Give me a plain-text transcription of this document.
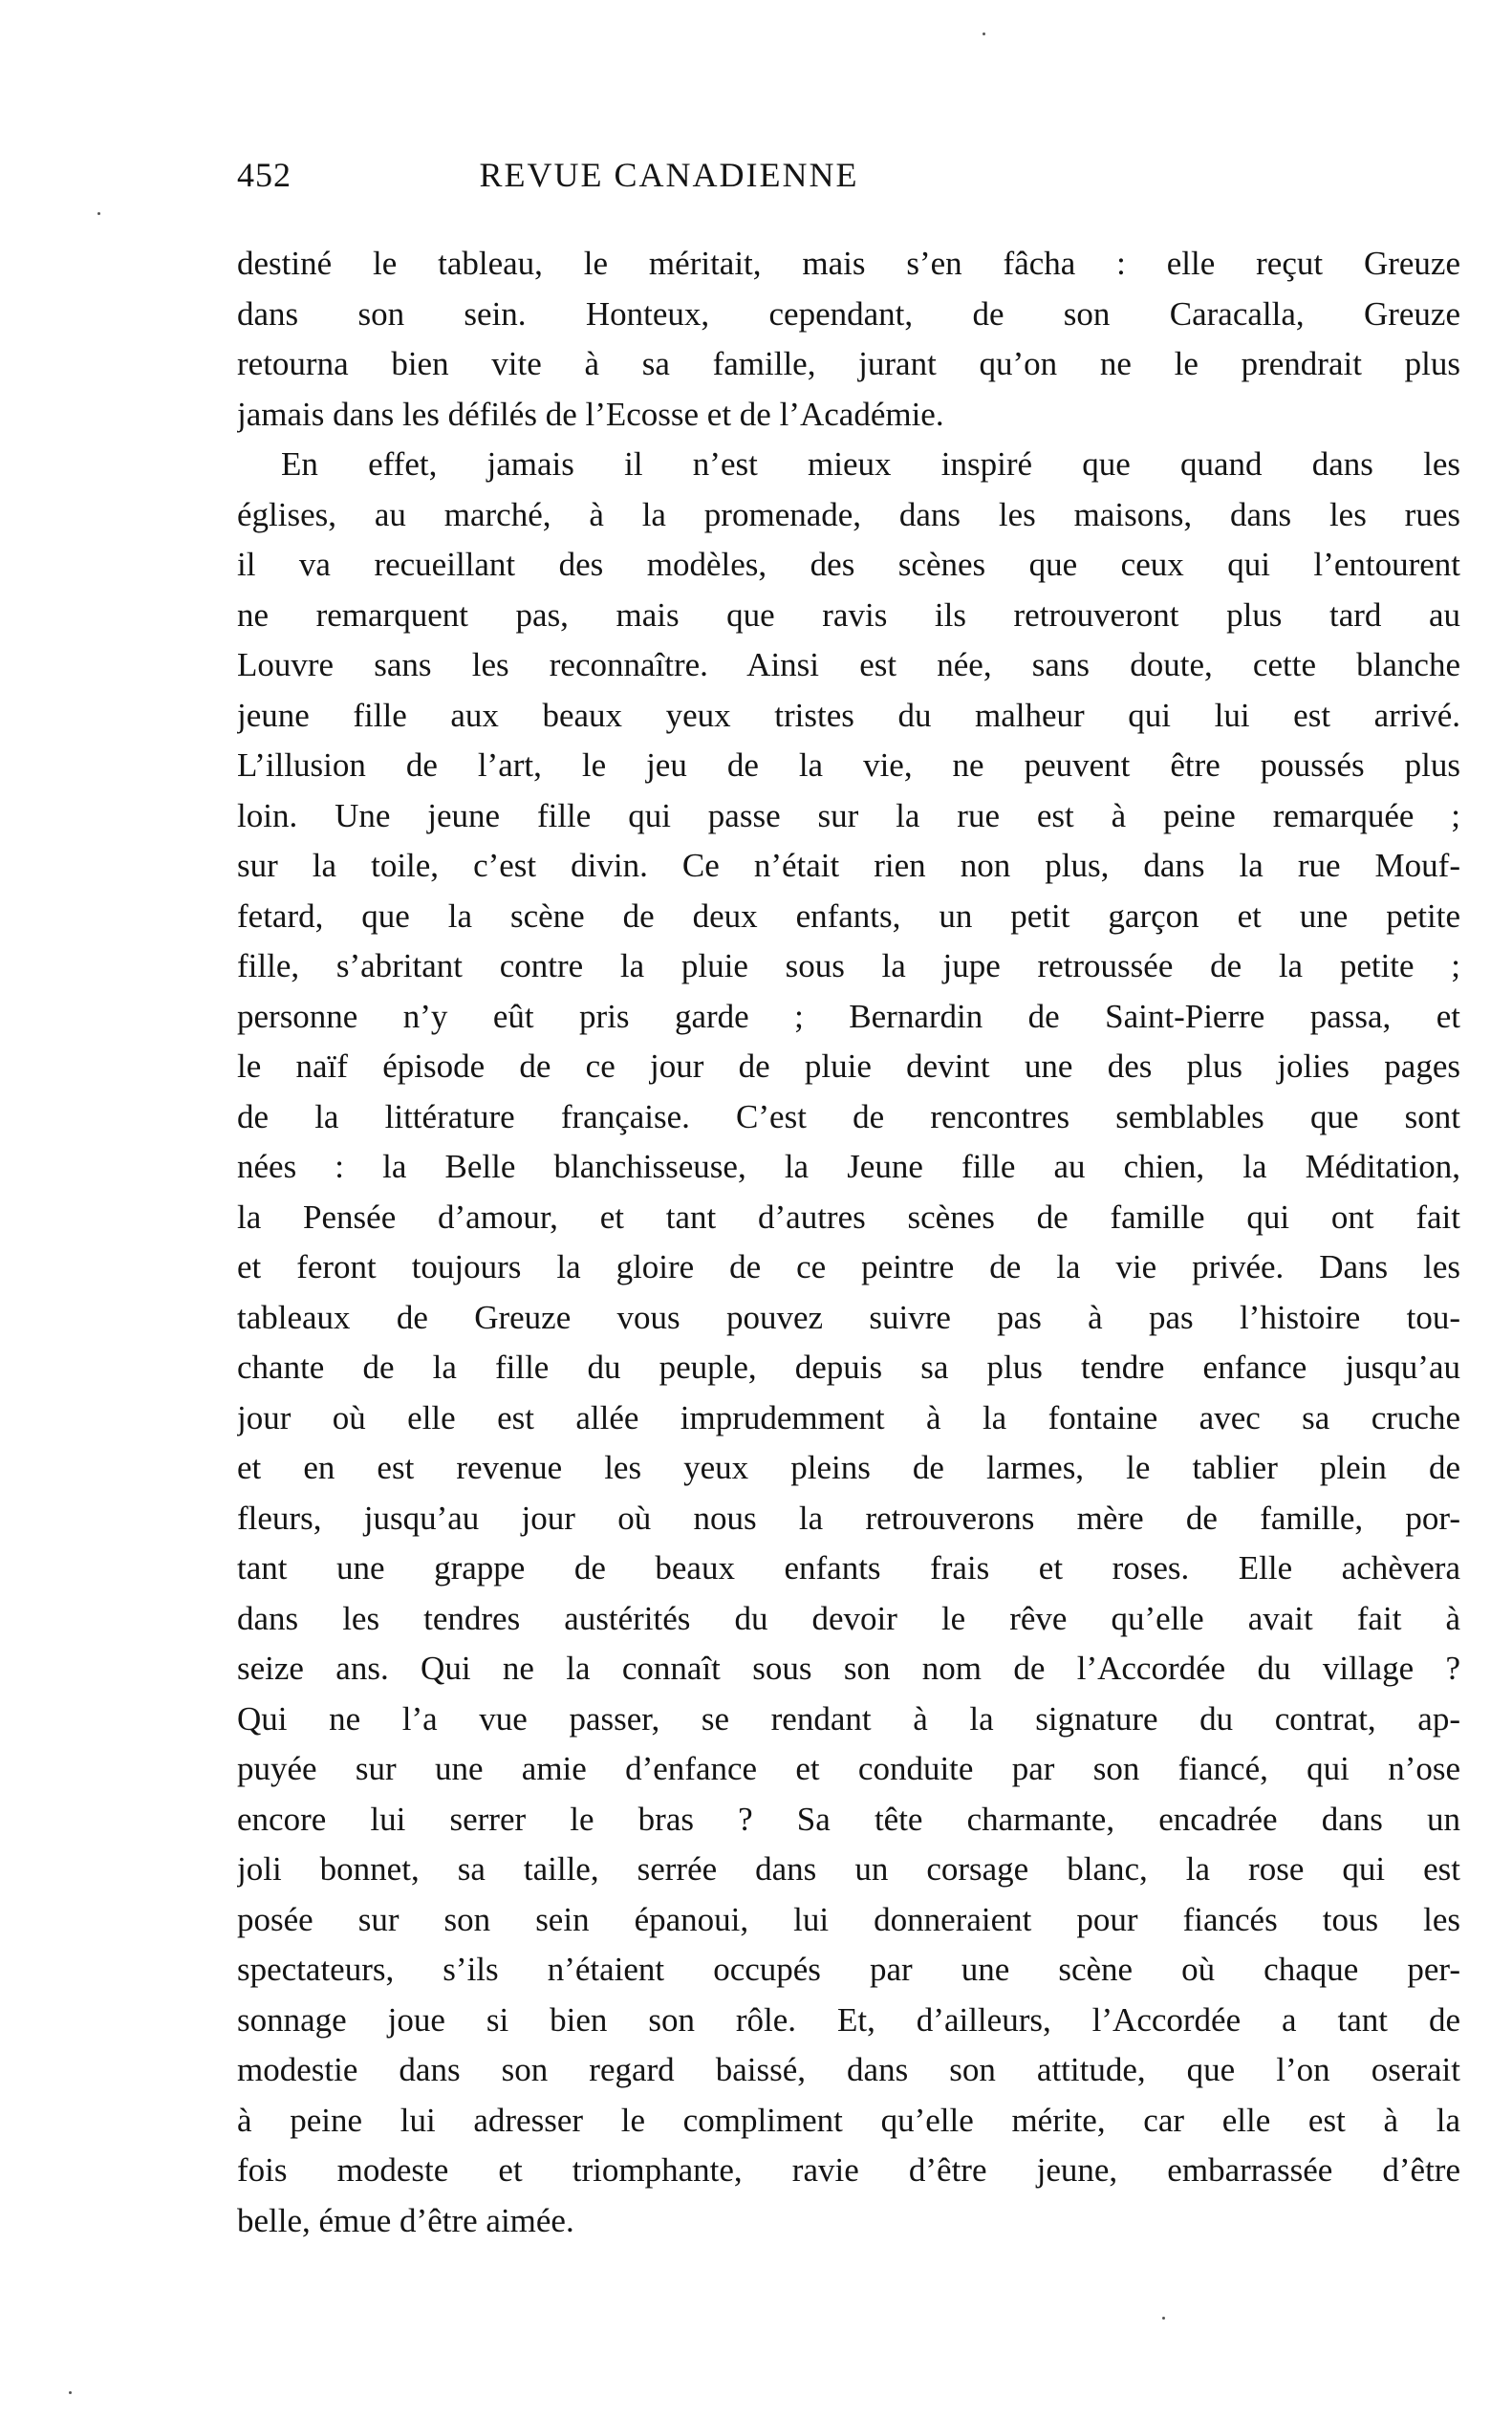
452	REVUE CANADIENNE
destiné le tableau, le méritait, mais s’en fâcha : elle reçut Greuze
dans son sein. Honteux, cependant, de son Caracalla, Greuze
retourna bien vite à sa famille, jurant qu’on ne le prendrait plus
jamais dans les défilés de l’Ecosse et de l’Académie.
En effet, jamais il n’est mieux inspiré que quand dans les
églises, au marché, à la promenade, dans les maisons, dans les rues
il va recueillant des modèles, des scènes que ceux qui l’entourent
ne remarquent pas, mais que ravis ils retrouveront plus tard au
Louvre sans les reconnaître. Ainsi est née, sans doute, cette blanche
jeune fille aux beaux yeux tristes du malheur qui lui est arrivé.
L’illusion de l’art, le jeu de la vie, ne peuvent être poussés plus
loin. Une jeune fille qui passe sur la rue est à peine remarquée ;
sur la toile, c’est divin. Ce n’était rien non plus, dans la rue Mouf-
fetard, que la scène de deux enfants, un petit garçon et une petite
fille, s’abritant contre la pluie sous la jupe retroussée de la petite ;
personne n’y eût pris garde ; Bernardin de Saint-Pierre passa, et
le naïf épisode de ce jour de pluie devint une des plus jolies pages
de la littérature française. C’est de rencontres semblables que sont
nées : la Belle blanchisseuse, la Jeune fille au chien, la Méditation,
la Pensée d’amour, et tant d’autres scènes de famille qui ont fait
et feront toujours la gloire de ce peintre de la vie privée. Dans les
tableaux de Greuze vous pouvez suivre pas à pas l’histoire tou-
chante de la fille du peuple, depuis sa plus tendre enfance jusqu’au
jour où elle est allée imprudemment à la fontaine avec sa cruche
et en est revenue les yeux pleins de larmes, le tablier plein de
fleurs, jusqu’au jour où nous la retrouverons mère de famille, por-
tant une grappe de beaux enfants frais et roses. Elle achèvera
dans les tendres austérités du devoir le rêve qu’elle avait fait à
seize ans. Qui ne la connaît sous son nom de l’Accordée du village ?
Qui ne l’a vue passer, se rendant à la signature du contrat, ap-
puyée sur une amie d’enfance et conduite par son fiancé, qui n’ose
encore lui serrer le bras ? Sa tête charmante, encadrée dans un
joli bonnet, sa taille, serrée dans un corsage blanc, la rose qui est
posée sur son sein épanoui, lui donneraient pour fiancés tous les
spectateurs, s’ils n’étaient occupés par une scène où chaque per-
sonnage joue si bien son rôle. Et, d’ailleurs, l’Accordée a tant de
modestie dans son regard baissé, dans son attitude, que l’on oserait
à peine lui adresser le compliment qu’elle mérite, car elle est à la
fois modeste et triomphante, ravie d’être jeune, embarrassée d’être
belle, émue d’être aimée.
